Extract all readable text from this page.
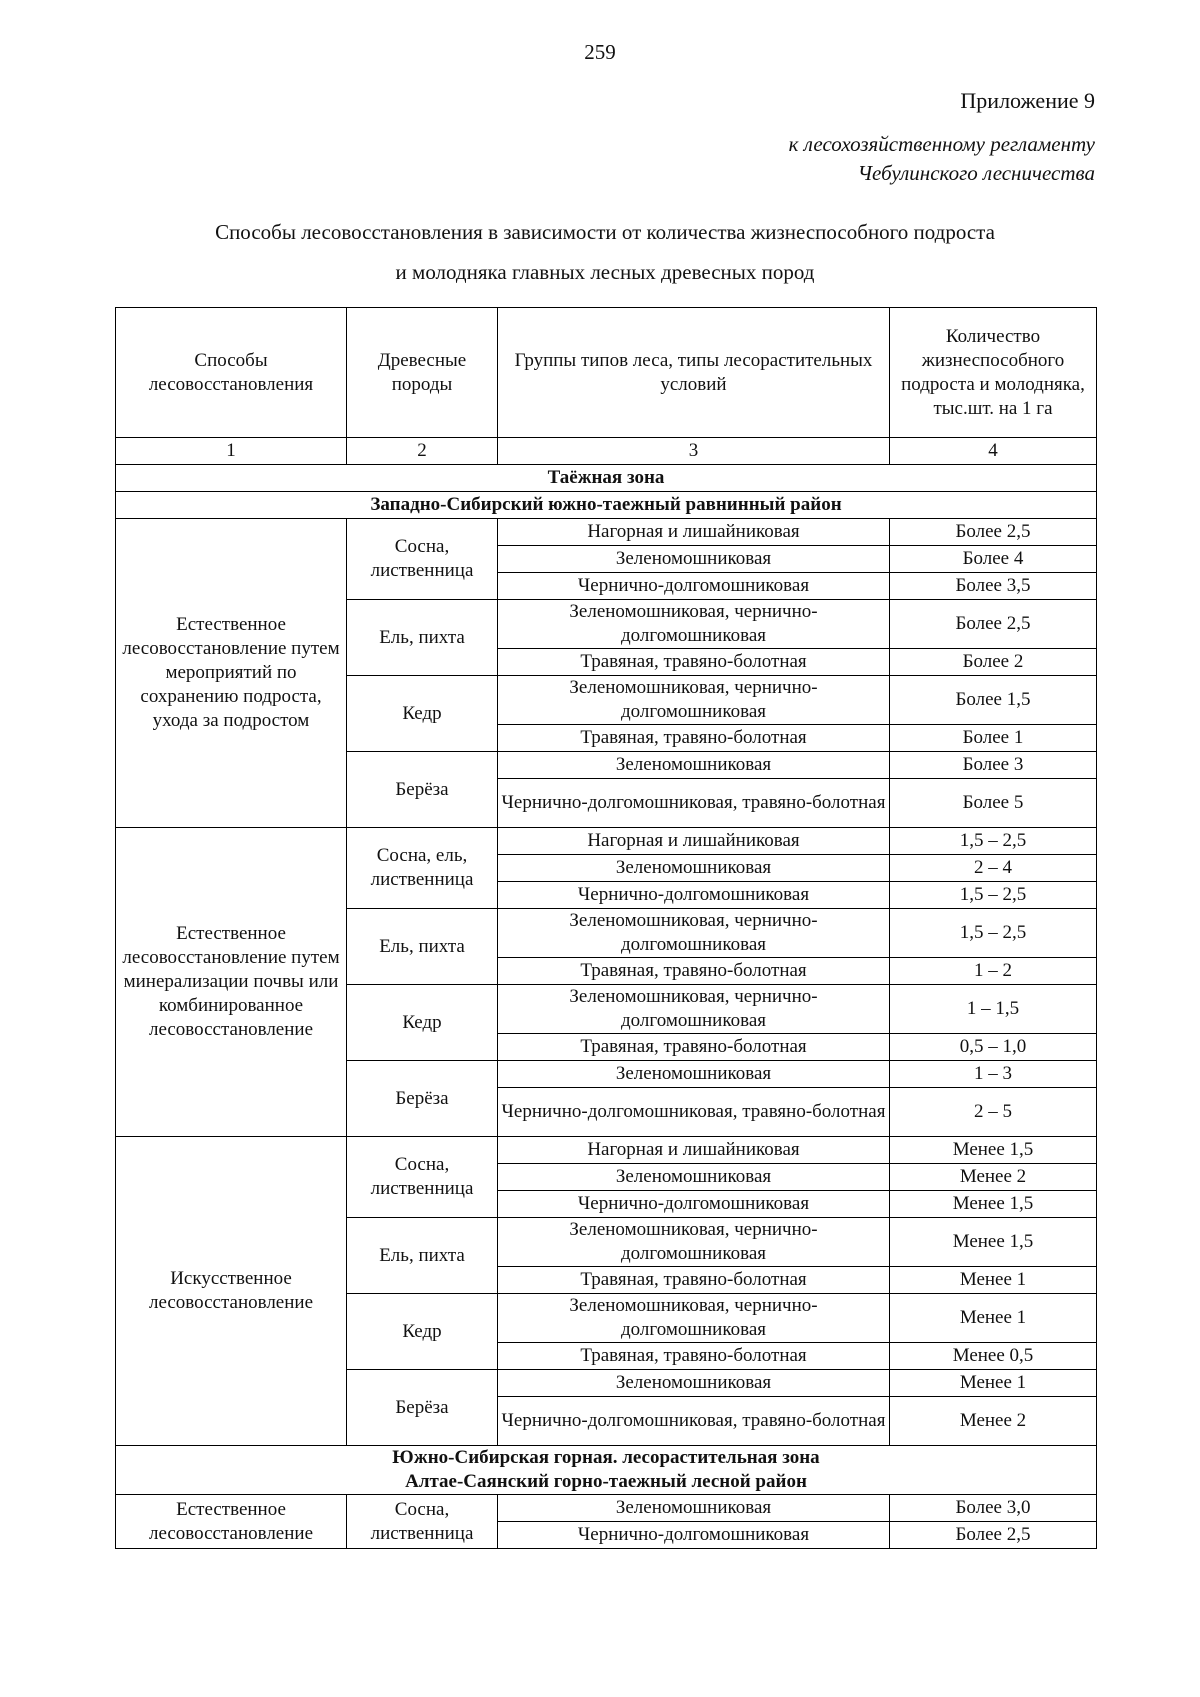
259
Приложение 9
к лесохозяйственному регламенту
Чебулинского лесничества
Способы лесовосстановления в зависимости от количества жизнеспособного подроста
и молодняка главных лесных древесных пород
Способы лесовосстановления	Древесные породы	Группы типов леса, типы лесорастительных условий	Количество жизнеспособного подроста и молодняка, тыс.шт. на 1 га
1	2	3	4
Таёжная зона			
Западно-Сибирский южно-таежный равнинный район			
Естественное лесовосстановление путем мероприятий по сохранению подроста, ухода за подростом	Сосна, лиственница	Нагорная и лишайниковая	Более 2,5
		Зеленомошниковая	Более 4
		Чернично-долгомошниковая	Более 3,5
	Ель, пихта	Зеленомошниковая, чернично-долгомошниковая	Более 2,5
		Травяная, травяно-болотная	Более 2
	Кедр	Зеленомошниковая, чернично-долгомошниковая	Более 1,5
		Травяная, травяно-болотная	Более 1
	Берёза	Зеленомошниковая	Более 3
		Чернично-долгомошниковая, травяно-болотная	Более 5
Естественное лесовосстановление путем минерализации почвы или комбинированное лесовосстановление	Сосна, ель, лиственница	Нагорная и лишайниковая	1,5 – 2,5
		Зеленомошниковая	2 – 4
		Чернично-долгомошниковая	1,5 – 2,5
	Ель, пихта	Зеленомошниковая, чернично-долгомошниковая	1,5 – 2,5
		Травяная, травяно-болотная	1 – 2
	Кедр	Зеленомошниковая, чернично-долгомошниковая	1 – 1,5
		Травяная, травяно-болотная	0,5 – 1,0
	Берёза	Зеленомошниковая	1 – 3
		Чернично-долгомошниковая, травяно-болотная	2 – 5
Искусственное лесовосстановление	Сосна, лиственница	Нагорная и лишайниковая	Менее 1,5
		Зеленомошниковая	Менее 2
		Чернично-долгомошниковая	Менее 1,5
	Ель, пихта	Зеленомошниковая, чернично-долгомошниковая	Менее 1,5
		Травяная, травяно-болотная	Менее 1
	Кедр	Зеленомошниковая, чернично-долгомошниковая	Менее 1
		Травяная, травяно-болотная	Менее 0,5
	Берёза	Зеленомошниковая	Менее 1
		Чернично-долгомошниковая, травяно-болотная	Менее 2

Южно-Сибирская горная. лесорастительная зона
Алтае-Саянский горно-таежный лесной район			

Естественное лесовосстановление	Сосна, лиственница	Зеленомошниковая	Более 3,0
		Чернично-долгомошниковая	Более 2,5
